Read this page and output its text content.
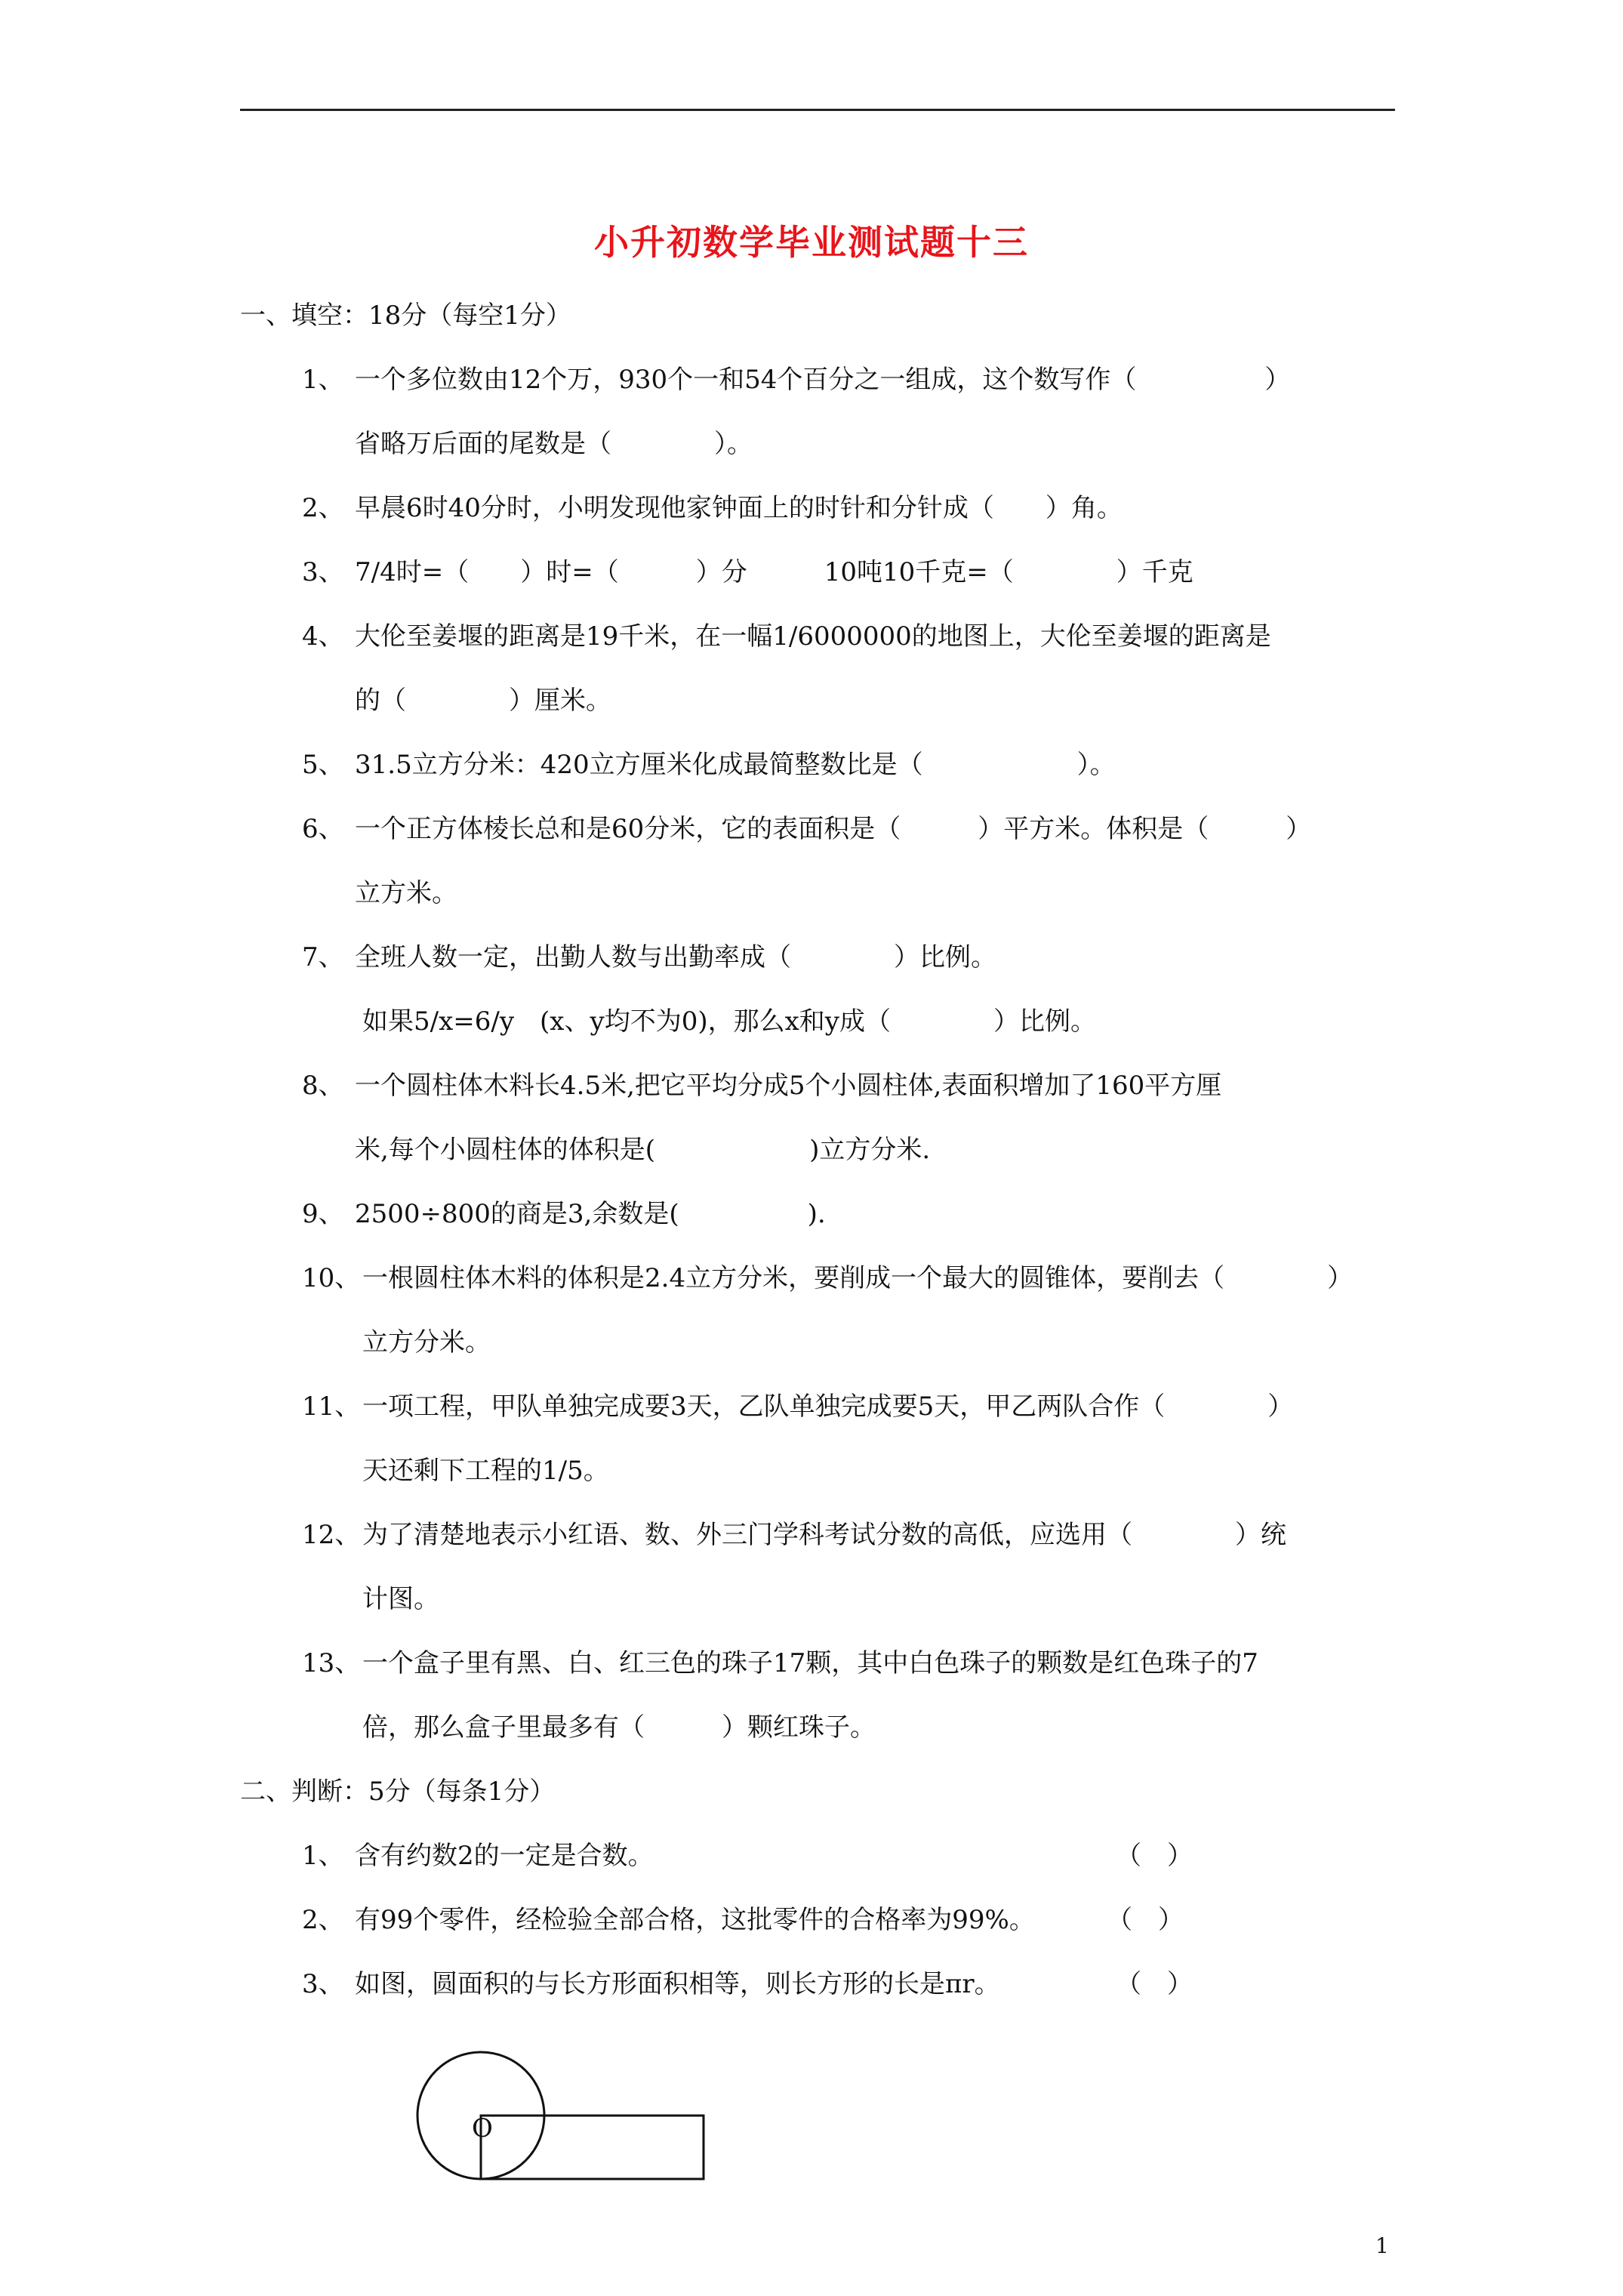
小升初数学毕业测试题十三
一、填空：18分（每空1分）
1、 一个多位数由12个万，930个一和54个百分之一组成，这个数写作（　　　　　）
省略万后面的尾数是（　　　　）。
2、 早晨6时40分时，小明发现他家钟面上的时针和分针成（　　）角。
3、 7/4时=（　　）时=（　　　）分　　　10吨10千克=（　　　　）千克
4、 大伦至姜堰的距离是19千米，在一幅1/6000000的地图上，大伦至姜堰的距离是
的（　　　　）厘米。
5、 31.5立方分米：420立方厘米化成最简整数比是（　　　　　　）。
6、 一个正方体棱长总和是60分米，它的表面积是（　　　）平方米。体积是（　　　）
立方米。
7、 全班人数一定，出勤人数与出勤率成（　　　　）比例。
如果5/x=6/y　(x、y均不为0)，那么x和y成（　　　　）比例。
8、 一个圆柱体木料长4.5米,把它平均分成5个小圆柱体,表面积增加了160平方厘
米,每个小圆柱体的体积是(　　　　　　)立方分米.
9、 2500÷800的商是3,余数是(　　　　　).
10、 一根圆柱体木料的体积是2.4立方分米，要削成一个最大的圆锥体，要削去（　　　　）
立方分米。
11、 一项工程，甲队单独完成要3天，乙队单独完成要5天，甲乙两队合作（　　　　）
天还剩下工程的1/5。
12、 为了清楚地表示小红语、数、外三门学科考试分数的高低，应选用（　　　　）统
计图。
13、 一个盒子里有黑、白、红三色的珠子17颗，其中白色珠子的颗数是红色珠子的7
倍，那么盒子里最多有（　　　）颗红珠子。
二、判断：5分（每条1分）
1、 含有约数2的一定是合数。	（　）
2、 有99个零件，经检验全部合格，这批零件的合格率为99%。	（　）
3、 如图，圆面积的与长方形面积相等，则长方形的长是πr。	（　）
O
1
